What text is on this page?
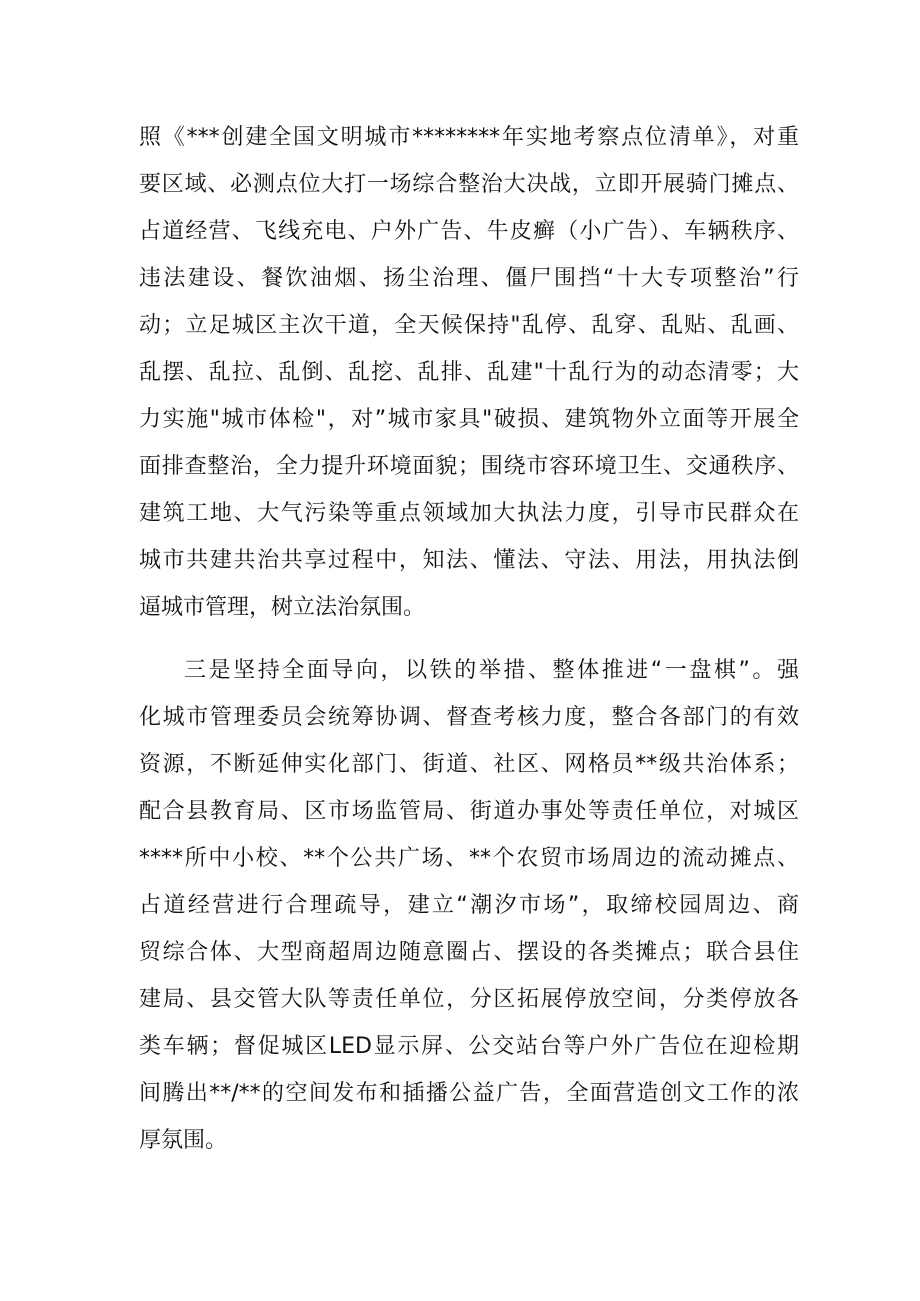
照《***创建全国文明城市********年实地考察点位清单》，对重
要区域、必测点位大打一场综合整治大决战，立即开展骑门摊点、
占道经营、飞线充电、户外广告、牛皮癣（小广告）、车辆秩序、
违法建设、餐饮油烟、扬尘治理、僵尸围挡“十大专项整治”行
动；立足城区主次干道，全天候保持"乱停、乱穿、乱贴、乱画、
乱摆、乱拉、乱倒、乱挖、乱排、乱建"十乱行为的动态清零；大
力实施"城市体检"，对”城市家具"破损、建筑物外立面等开展全
面排查整治，全力提升环境面貌；围绕市容环境卫生、交通秩序、
建筑工地、大气污染等重点领域加大执法力度，引导市民群众在
城市共建共治共享过程中，知法、懂法、守法、用法，用执法倒
逼城市管理，树立法治氛围。
三是坚持全面导向，以铁的举措、整体推进“一盘棋”。强
化城市管理委员会统筹协调、督查考核力度，整合各部门的有效
资源，不断延伸实化部门、街道、社区、网格员**级共治体系；
配合县教育局、区市场监管局、街道办事处等责任单位，对城区
****所中小校、**个公共广场、**个农贸市场周边的流动摊点、
占道经营进行合理疏导，建立“潮汐市场”，取缔校园周边、商
贸综合体、大型商超周边随意圈占、摆设的各类摊点；联合县住
建局、县交管大队等责任单位，分区拓展停放空间，分类停放各
类车辆；督促城区LED显示屏、公交站台等户外广告位在迎检期
间腾出**/**的空间发布和插播公益广告，全面营造创文工作的浓
厚氛围。
